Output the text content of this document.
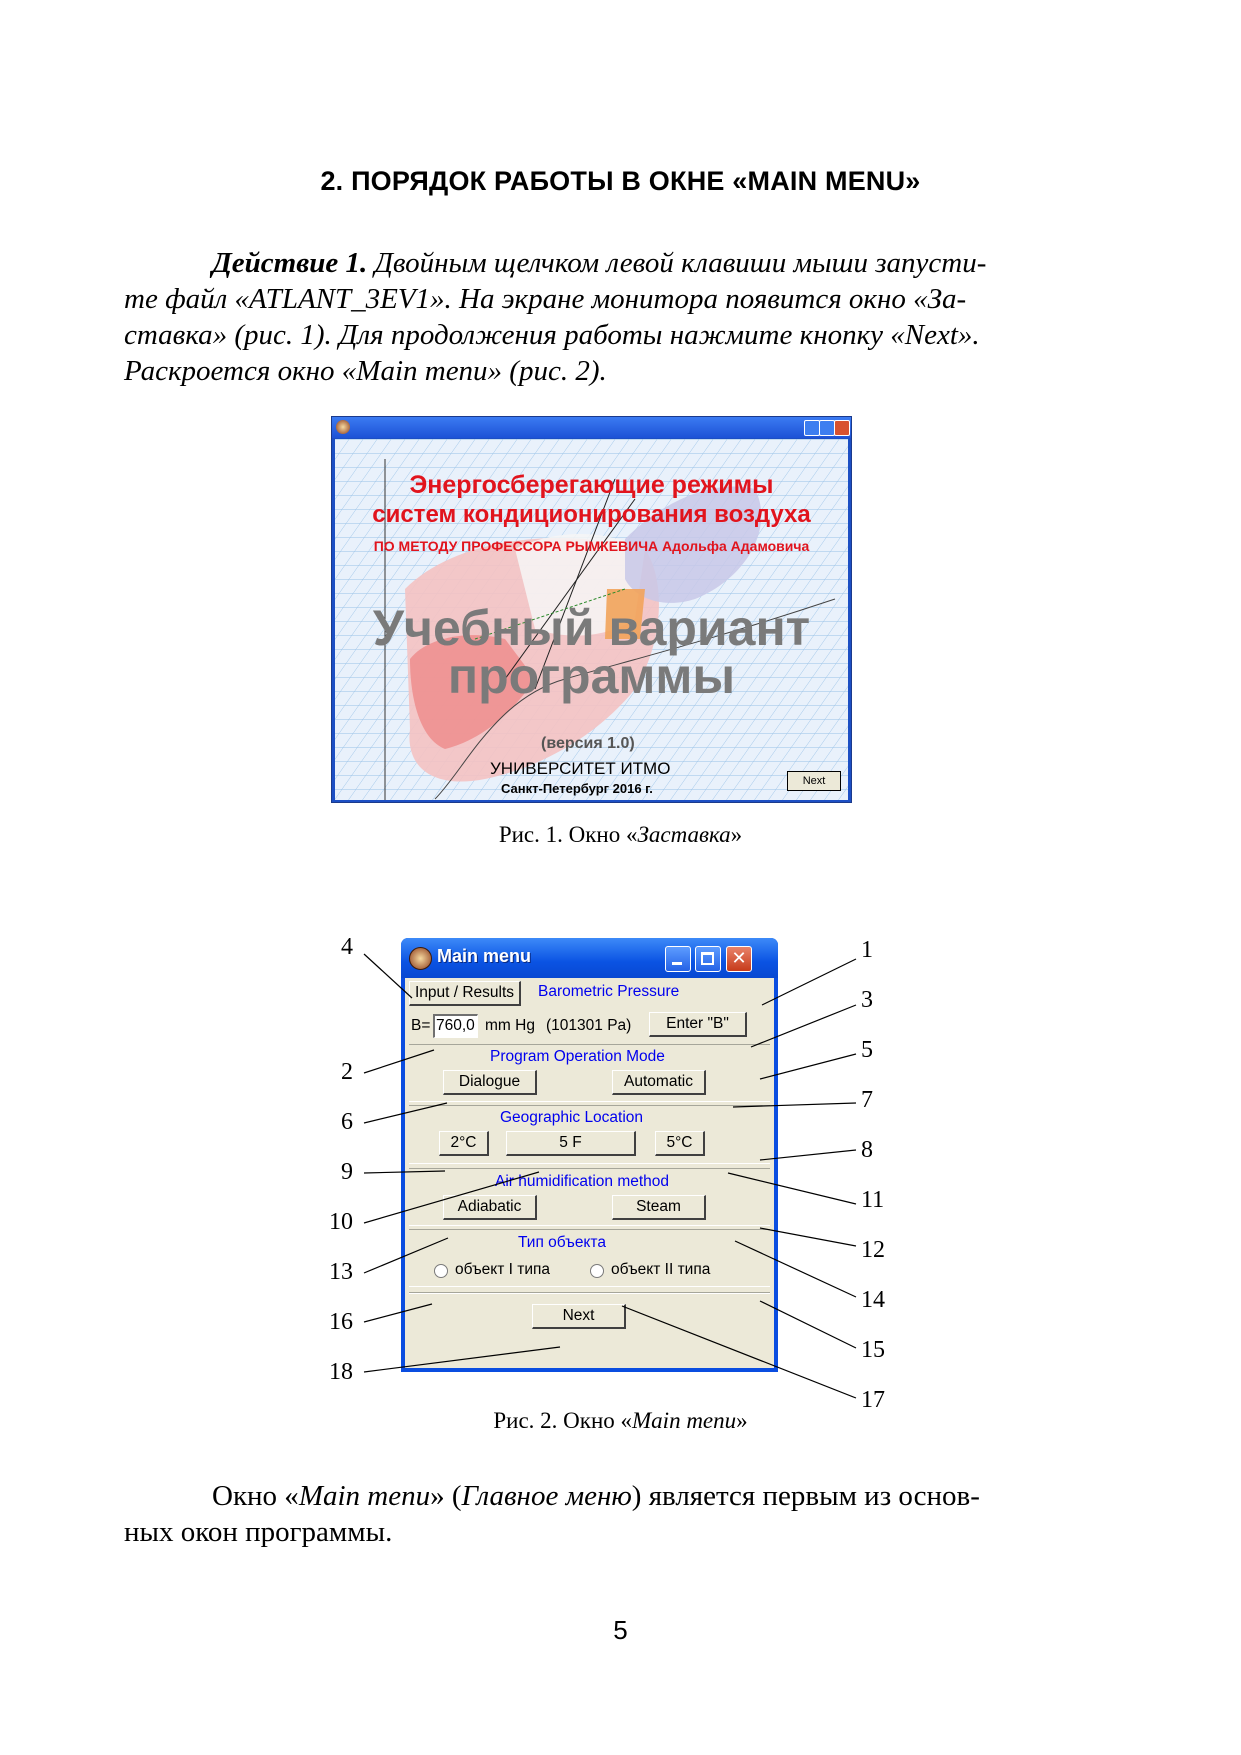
2. ПОРЯДОК РАБОТЫ В ОКНЕ «MAIN MENU»
Действие 1. Двойным щелчком левой клавиши мыши запусти-
те файл «ATLANT_3EV1». На экране монитора появится окно «За-
ставка» (рис. 1). Для продолжения работы нажмите кнопку «Next».
Раскроется окно «Main menu» (рис. 2).
Энергосберегающие режимы
систем кондиционирования воздуха
ПО МЕТОДУ ПРОФЕССОРА РЫМКЕВИЧА Адольфа Адамовича
Учебный вариант
программы
(версия 1.0)
УНИВЕРСИТЕТ ИТМО
Санкт-Петербург 2016 г.	Next
Рис. 1. Окно «Заставка»
Main menu	✕
Input / Results	Barometric Pressure
B= 760,0 mm Hg (101301 Pa)	Enter "B"
Program Operation Mode
Dialogue	Automatic
Geographic Location
2°C	5 F	5°C
Air humidification method
Adiabatic	Steam
Тип объекта
объект I типа	объект II типа
Next
4
2
6
9
10
13
16
18
1
3
5
7
8
11
12
14
15
17
Рис. 2. Окно «Main menu»
Окно «Main menu» (Главное меню) является первым из основ-
ных окон программы.
5
